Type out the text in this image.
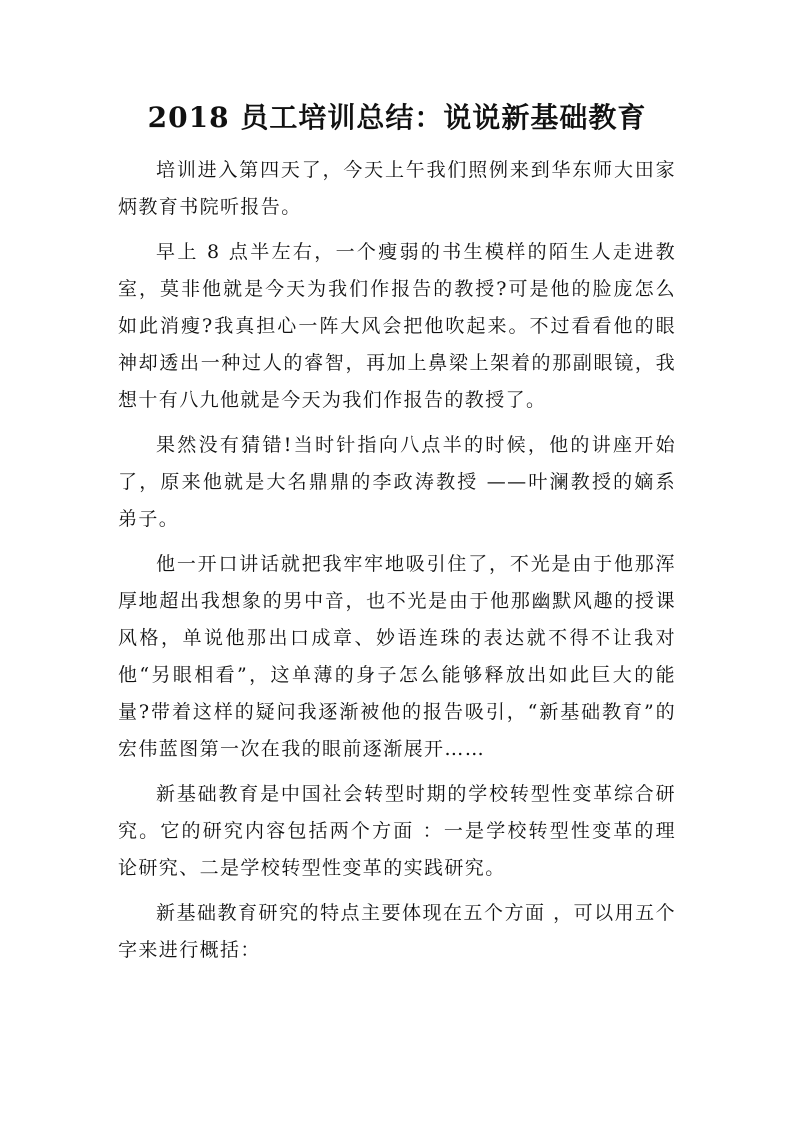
2018 员工培训总结：说说新基础教育

培训进入第四天了，今天上午我们照例来到华东师大田家炳教育书院听报告。

早上 8 点半左右，一个瘦弱的书生模样的陌生人走进教室，莫非他就是今天为我们作报告的教授?可是他的脸庞怎么如此消瘦?我真担心一阵大风会把他吹起来。不过看看他的眼神却透出一种过人的睿智，再加上鼻梁上架着的那副眼镜，我想十有八九他就是今天为我们作报告的教授了。

果然没有猜错!当时针指向八点半的时候，他的讲座开始了，原来他就是大名鼎鼎的李政涛教授 ——叶澜教授的嫡系弟子。

他一开口讲话就把我牢牢地吸引住了，不光是由于他那浑厚地超出我想象的男中音，也不光是由于他那幽默风趣的授课风格，单说他那出口成章、妙语连珠的表达就不得不让我对他“另眼相看”，这单薄的身子怎么能够释放出如此巨大的能量?带着这样的疑问我逐渐被他的报告吸引，“新基础教育”的宏伟蓝图第一次在我的眼前逐渐展开……

新基础教育是中国社会转型时期的学校转型性变革综合研究。它的研究内容包括两个方面 ：一是学校转型性变革的理论研究、二是学校转型性变革的实践研究。

新基础教育研究的特点主要体现在五个方面 ，可以用五个字来进行概括：
